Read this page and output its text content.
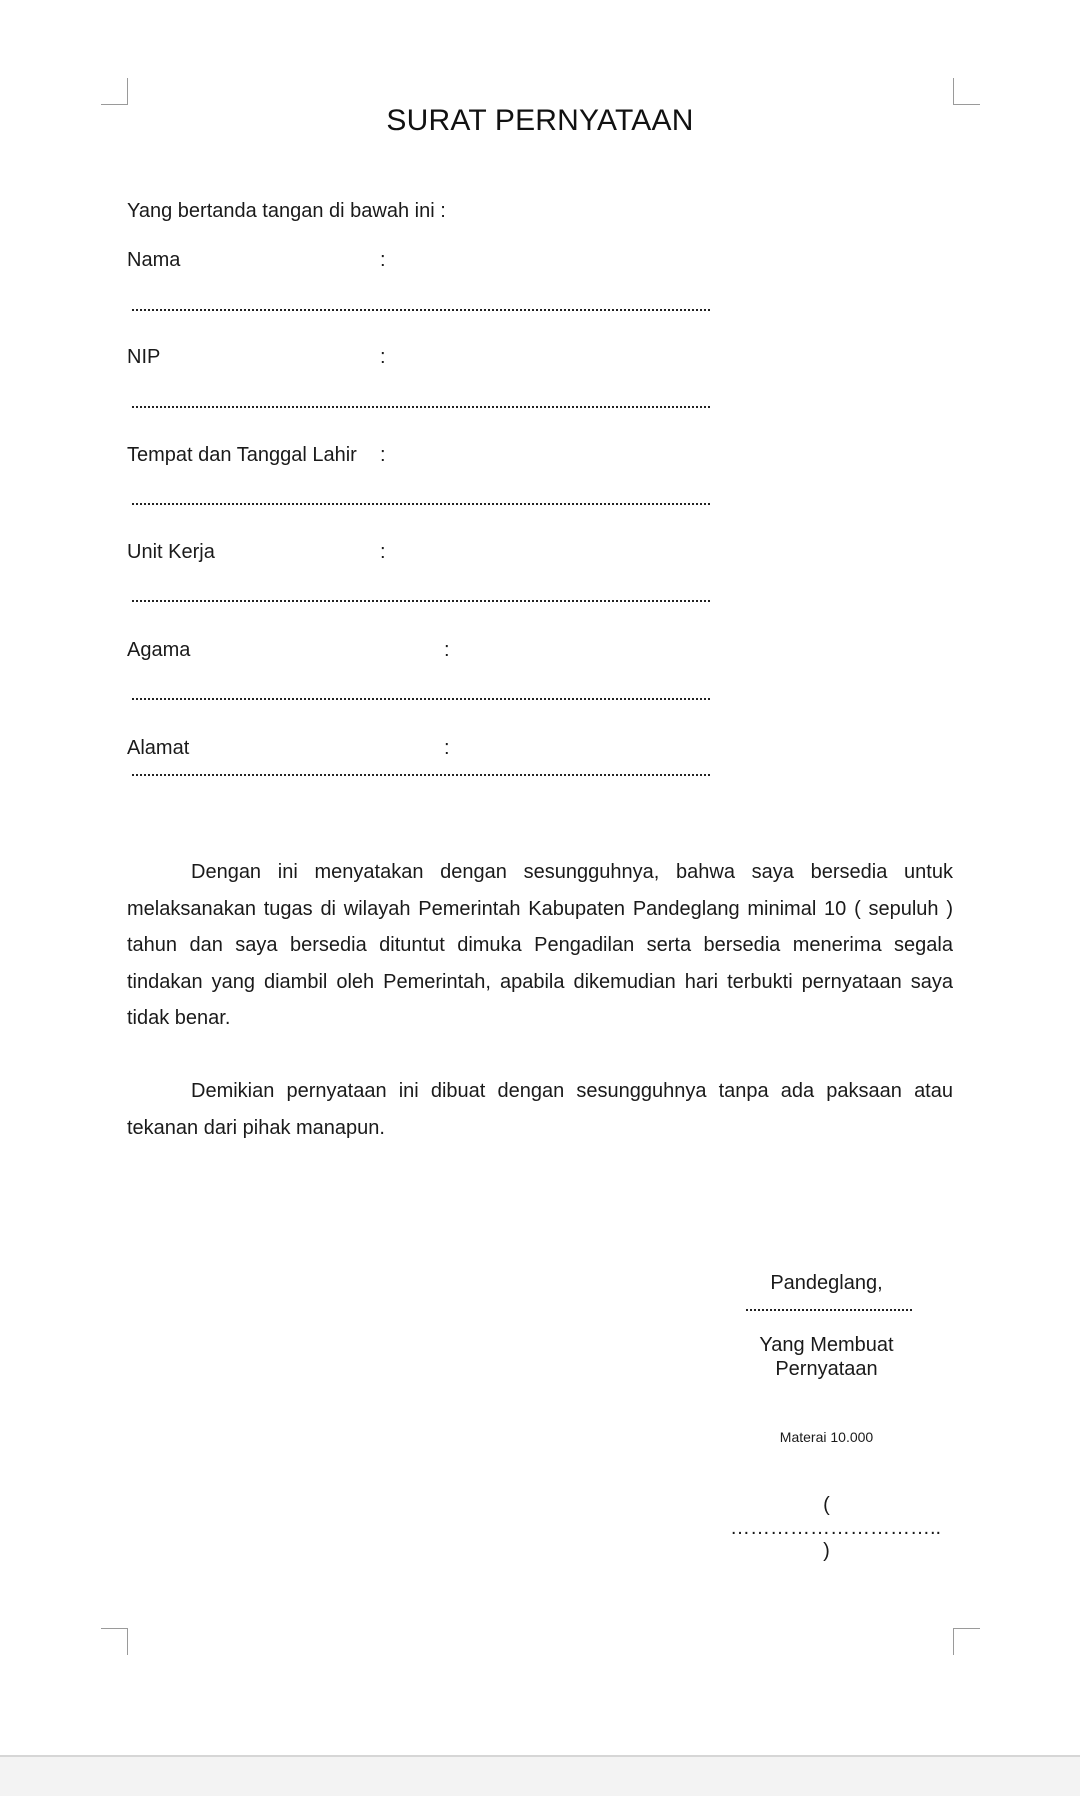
SURAT PERNYATAAN
Yang bertanda tangan di bawah ini :
Nama	:
NIP	:
Tempat dan Tanggal Lahir :
Unit Kerja	:
Agama	:
Alamat	:

Dengan ini menyatakan dengan sesungguhnya, bahwa saya bersedia untuk melaksanakan tugas di wilayah Pemerintah Kabupaten Pandeglang minimal 10 ( sepuluh ) tahun dan saya bersedia dituntut dimuka Pengadilan serta bersedia menerima segala tindakan yang diambil oleh Pemerintah, apabila dikemudian hari terbukti pernyataan saya tidak benar.

Demikian pernyataan ini dibuat dengan sesungguhnya tanpa ada paksaan atau tekanan dari pihak manapun.

Pandeglang,
Yang Membuat Pernyataan
Materai 10.000
( ………………………….. )
